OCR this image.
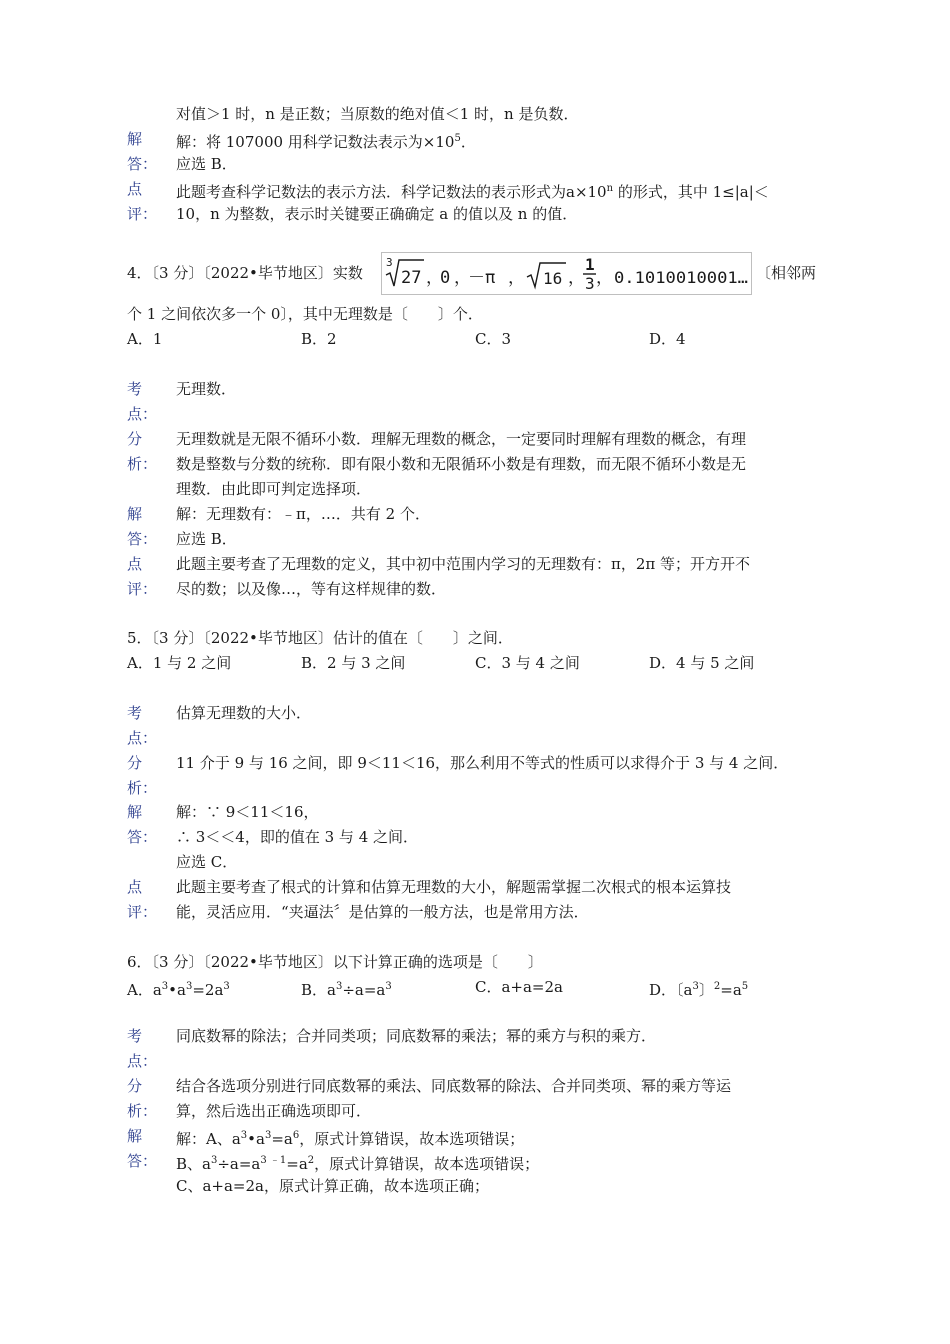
对值＞1 时，n 是正数；当原数的绝对值＜1 时，n 是负数．
解 解：将 107000 用科学记数法表示为$\times 10^5$．
答： 应选 B．
点 此题考查科学记数法的表示方法．科学记数法的表示形式为$a\times 10^n$ 的形式，其中 1≤|a|＜
评： 10，n 为整数，表示时关键要正确确定 a 的值以及 n 的值．
4．〔3 分〕〔2022•毕节地区〕实数
3
27 ，
0 ，
－π ， 16 ，
1
3 ， 0.1010010001… 〔相邻两
个 1 之间依次多一个 0〕，其中无理数是〔　　〕个．
A．1	B．2	C．3	D．4
考 无理数．
点：
分 无理数就是无限不循环小数．理解无理数的概念，一定要同时理解有理数的概念，有理
析： 数是整数与分数的统称．即有限小数和无限循环小数是有理数，而无限不循环小数是无
理数．由此即可判定选择项．
解 解：无理数有：﹣π，…．共有 2 个．
答： 应选 B．
点 此题主要考查了无理数的定义，其中初中范围内学习的无理数有：π，2π 等；开方开不
评： 尽的数；以及像…，等有这样规律的数．
5．〔3 分〕〔2022•毕节地区〕估计的值在〔　　〕之间．
A．1 与 2 之间	B．2 与 3 之间	C．3 与 4 之间	D．4 与 5 之间
考 估算无理数的大小．
点：
分 11 介于 9 与 16 之间，即 9＜11＜16，那么利用不等式的性质可以求得介于 3 与 4 之间．
析：
解 解：∵ 9＜11＜16，
答： ∴ 3＜＜4，即的值在 3 与 4 之间．
应选 C．
点 此题主要考查了根式的计算和估算无理数的大小，解题需掌握二次根式的根本运算技
评： 能，灵活应用．“夹逼法〞是估算的一般方法，也是常用方法．
6．〔3 分〕〔2022•毕节地区〕以下计算正确的选项是〔　　〕
A．$a^3•a^3=2a^3$	B．$a^3\div a=a^3$	C．a+a=2a	D．〔$a^3$〕$^2=a^5$
考 同底数幂的除法；合并同类项；同底数幂的乘法；幂的乘方与积的乘方．
点：
分 结合各选项分别进行同底数幂的乘法、同底数幂的除法、合并同类项、幂的乘方等运
析： 算，然后选出正确选项即可．
解 解：A、$a^3•a^3=a^6$，原式计算错误，故本选项错误；
答： B、$a^3\div a=a^{3 ﹣1}=a^2$，原式计算错误，故本选项错误；
C、a+a=2a，原式计算正确，故本选项正确；
